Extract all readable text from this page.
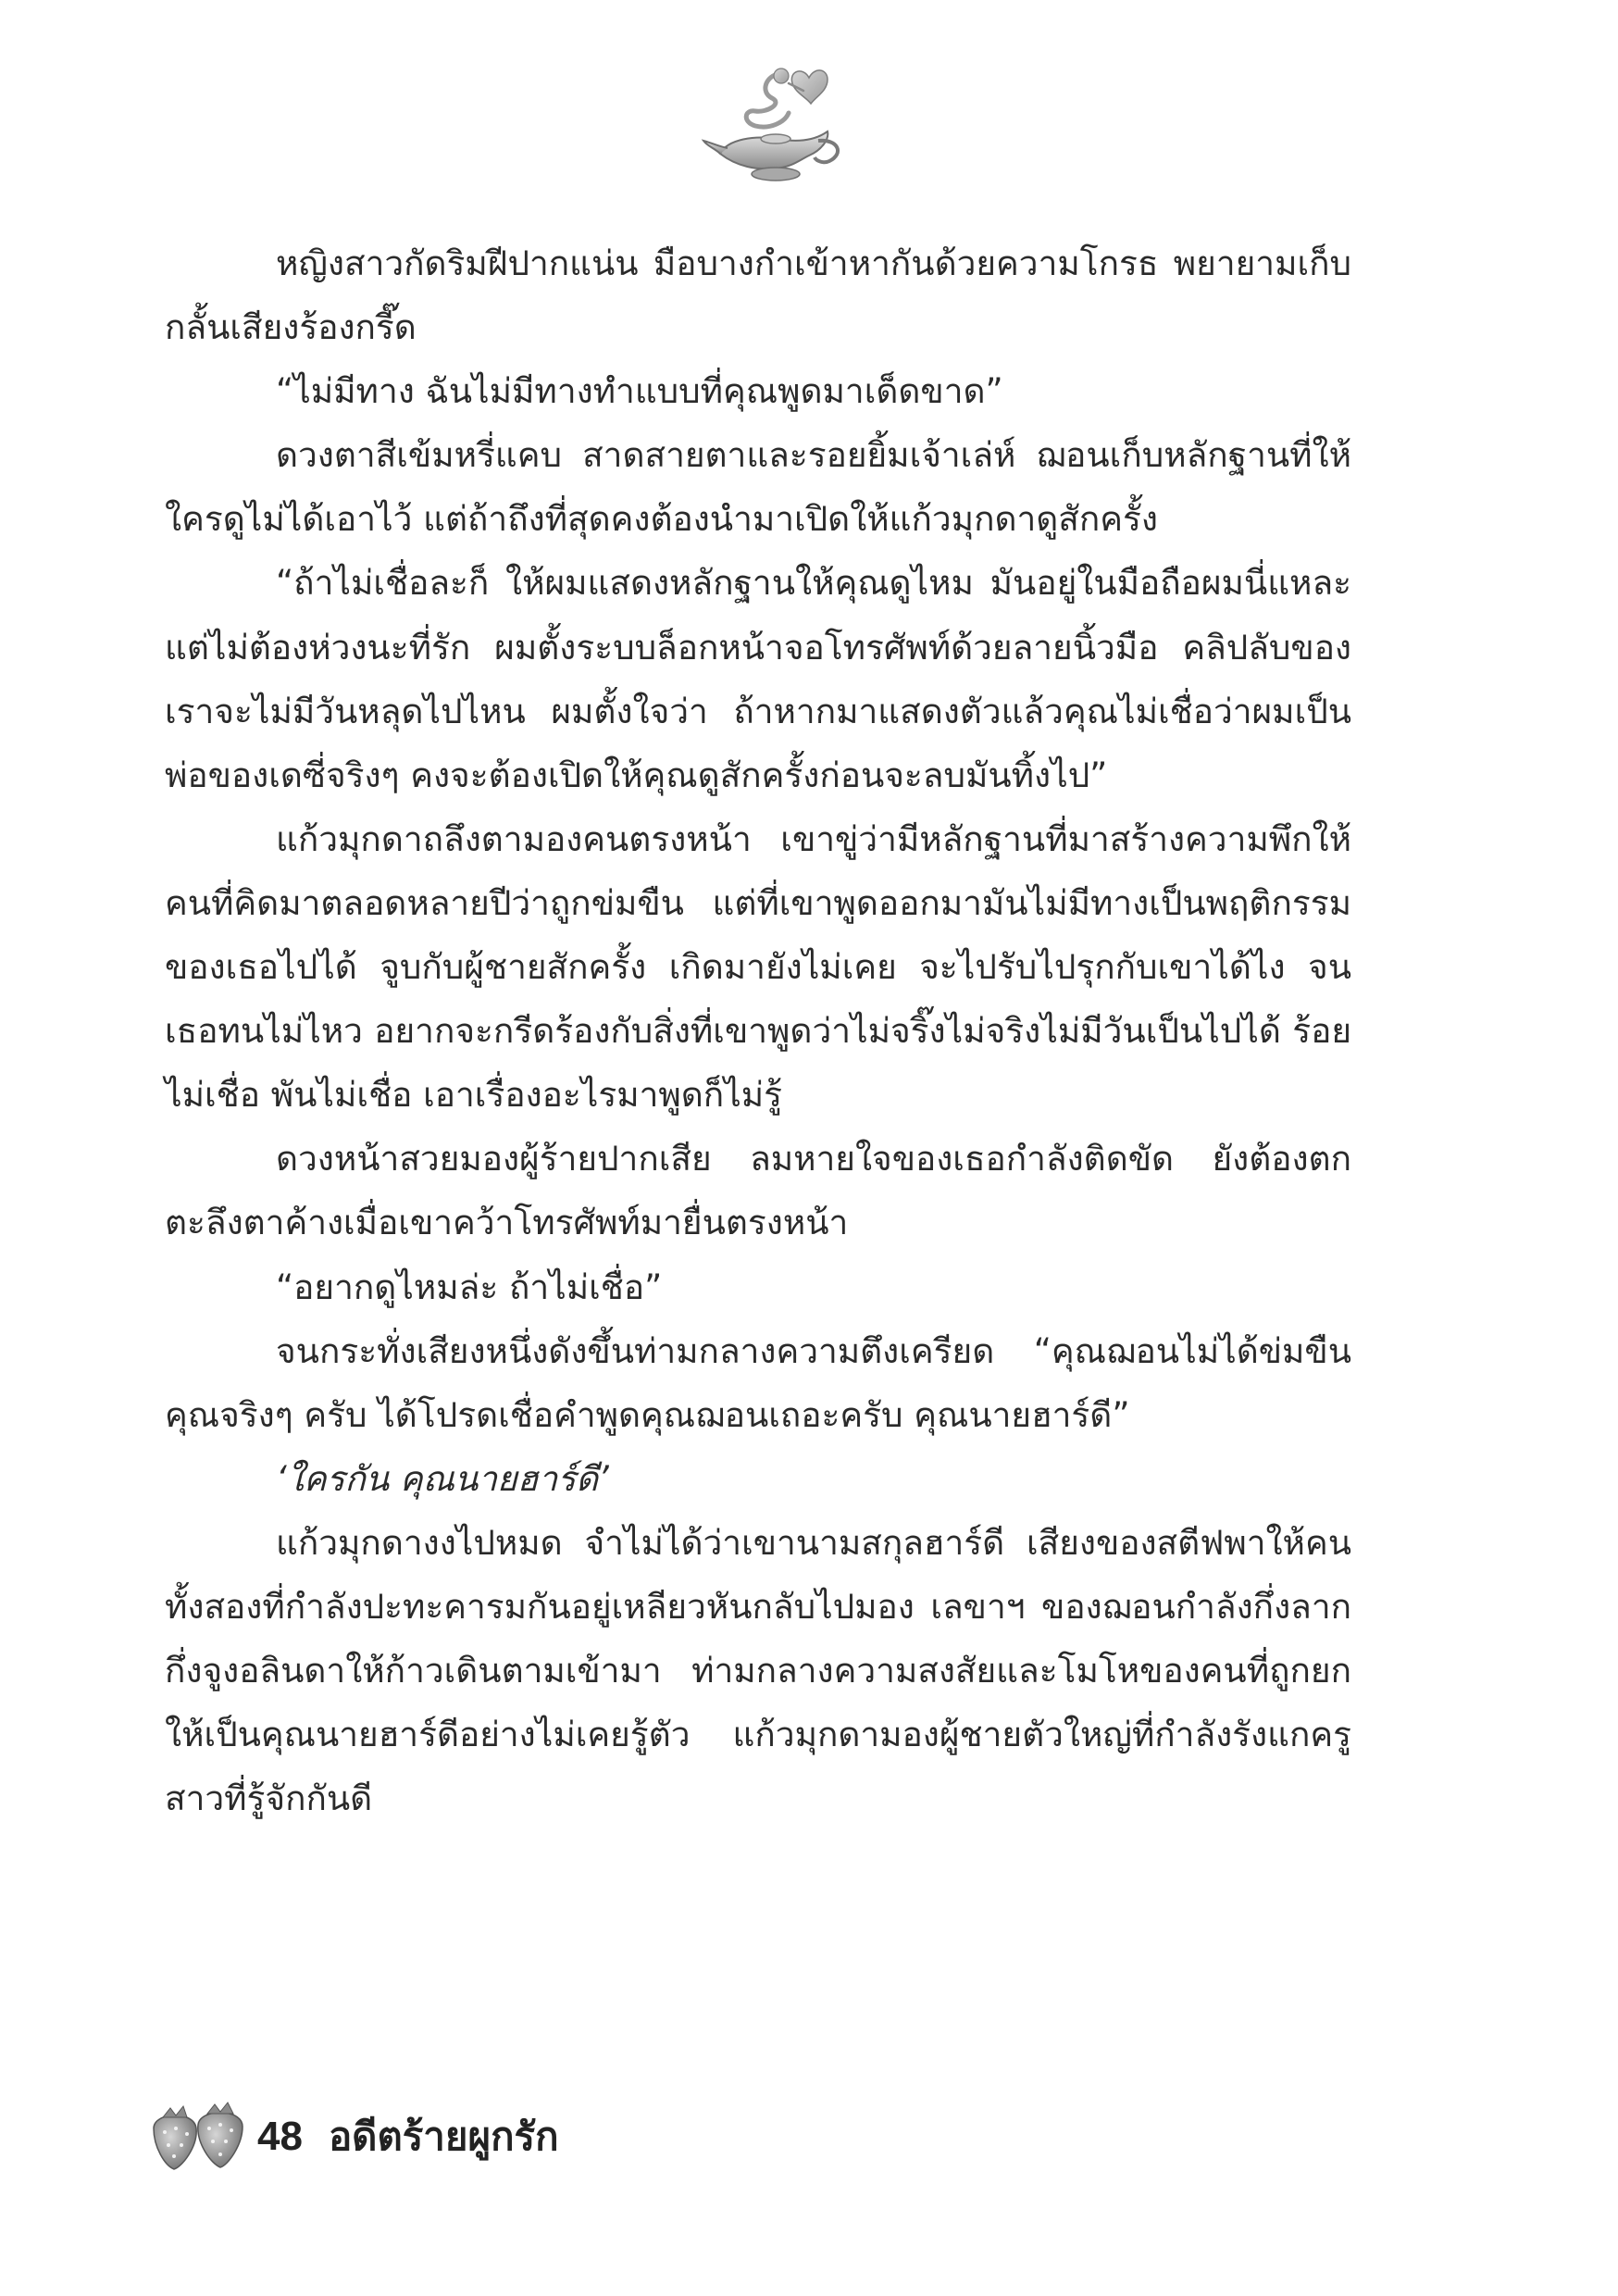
หญิงสาวกัดริมฝีปากแน่น มือบางกำเข้าหากันด้วยความโกรธ พยายามเก็บกลั้นเสียงร้องกรี๊ด

“ไม่มีทาง ฉันไม่มีทางทำแบบที่คุณพูดมาเด็ดขาด”

ดวงตาสีเข้มหรี่แคบ สาดสายตาและรอยยิ้มเจ้าเล่ห์ ฌอนเก็บหลักฐานที่ให้ใครดูไม่ได้เอาไว้ แต่ถ้าถึงที่สุดคงต้องนำมาเปิดให้แก้วมุกดาดูสักครั้ง

“ถ้าไม่เชื่อละก็ ให้ผมแสดงหลักฐานให้คุณดูไหม มันอยู่ในมือถือผมนี่แหละ แต่ไม่ต้องห่วงนะที่รัก ผมตั้งระบบล็อกหน้าจอโทรศัพท์ด้วยลายนิ้วมือ คลิปลับของเราจะไม่มีวันหลุดไปไหน ผมตั้งใจว่า ถ้าหากมาแสดงตัวแล้วคุณไม่เชื่อว่าผมเป็นพ่อของเดซี่จริงๆ คงจะต้องเปิดให้คุณดูสักครั้งก่อนจะลบมันทิ้งไป”

แก้วมุกดาถลึงตามองคนตรงหน้า เขาขู่ว่ามีหลักฐานที่มาสร้างความพึกให้คนที่คิดมาตลอดหลายปีว่าถูกข่มขืน แต่ที่เขาพูดออกมามันไม่มีทางเป็นพฤติกรรมของเธอไปได้ จูบกับผู้ชายสักครั้ง เกิดมายังไม่เคย จะไปรับไปรุกกับเขาได้ไง จนเธอทนไม่ไหว อยากจะกรีดร้องกับสิ่งที่เขาพูดว่าไม่จริ๊งไม่จริงไม่มีวันเป็นไปได้ ร้อยไม่เชื่อ พันไม่เชื่อ เอาเรื่องอะไรมาพูดก็ไม่รู้

ดวงหน้าสวยมองผู้ร้ายปากเสีย ลมหายใจของเธอกำลังติดขัด ยังต้องตกตะลึงตาค้างเมื่อเขาคว้าโทรศัพท์มายื่นตรงหน้า

“อยากดูไหมล่ะ ถ้าไม่เชื่อ”

จนกระทั่งเสียงหนึ่งดังขึ้นท่ามกลางความตึงเครียด “คุณฌอนไม่ได้ข่มขืนคุณจริงๆ ครับ ได้โปรดเชื่อคำพูดคุณฌอนเถอะครับ คุณนายฮาร์ดี”

‘ใครกัน คุณนายฮาร์ดี’

แก้วมุกดางงไปหมด จำไม่ได้ว่าเขานามสกุลฮาร์ดี เสียงของสตีฟพาให้คนทั้งสองที่กำลังปะทะคารมกันอยู่เหลียวหันกลับไปมอง เลขาฯ ของฌอนกำลังกึ่งลากกึ่งจูงอลินดาให้ก้าวเดินตามเข้ามา ท่ามกลางความสงสัยและโมโหของคนที่ถูกยกให้เป็นคุณนายฮาร์ดีอย่างไม่เคยรู้ตัว แก้วมุกดามองผู้ชายตัวใหญ่ที่กำลังรังแกครูสาวที่รู้จักกันดี

48 อดีตร้ายผูกรัก
